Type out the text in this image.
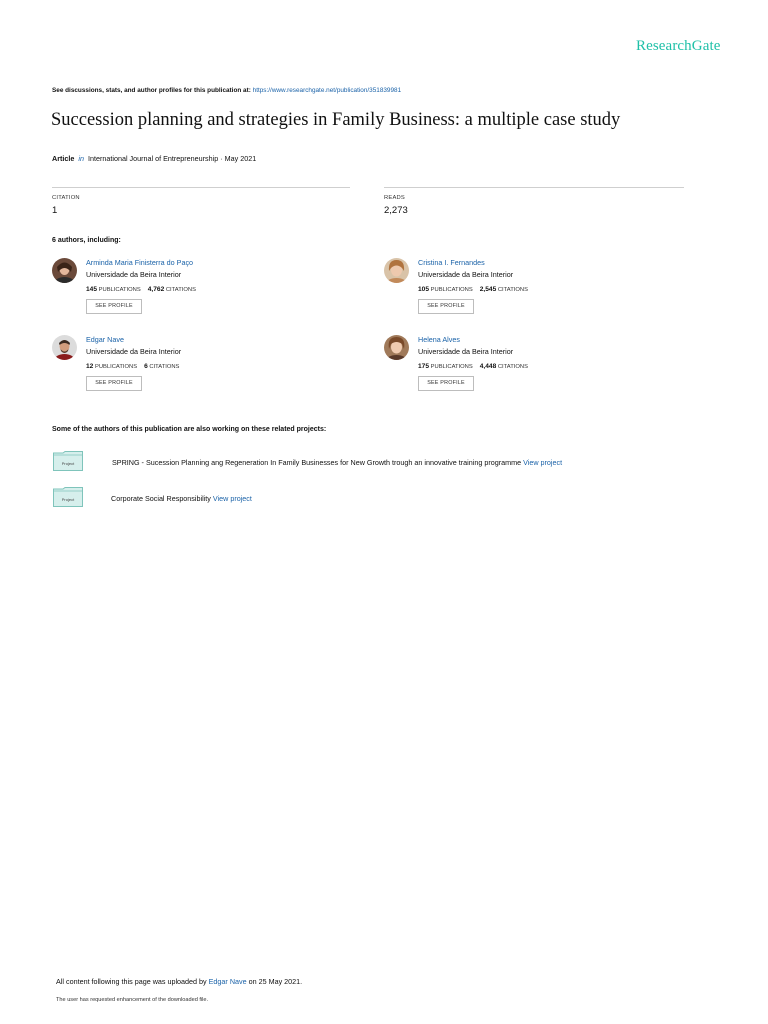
ResearchGate
See discussions, stats, and author profiles for this publication at: https://www.researchgate.net/publication/351839981
Succession planning and strategies in Family Business: a multiple case study
Article in International Journal of Entrepreneurship · May 2021
CITATION
1
READS
2,273
6 authors, including:
Arminda Maria Finisterra do Paço
Universidade da Beira Interior
145 PUBLICATIONS 4,762 CITATIONS
SEE PROFILE
Cristina I. Fernandes
Universidade da Beira Interior
105 PUBLICATIONS 2,545 CITATIONS
SEE PROFILE
Edgar Nave
Universidade da Beira Interior
12 PUBLICATIONS 6 CITATIONS
SEE PROFILE
Helena Alves
Universidade da Beira Interior
175 PUBLICATIONS 4,448 CITATIONS
SEE PROFILE
Some of the authors of this publication are also working on these related projects:
Project	SPRING - Sucession Planning ang Regeneration In Family Businesses for New Growth trough an innovative training programme View project
Project	Corporate Social Responsibility View project
All content following this page was uploaded by Edgar Nave on 25 May 2021.
The user has requested enhancement of the downloaded file.
